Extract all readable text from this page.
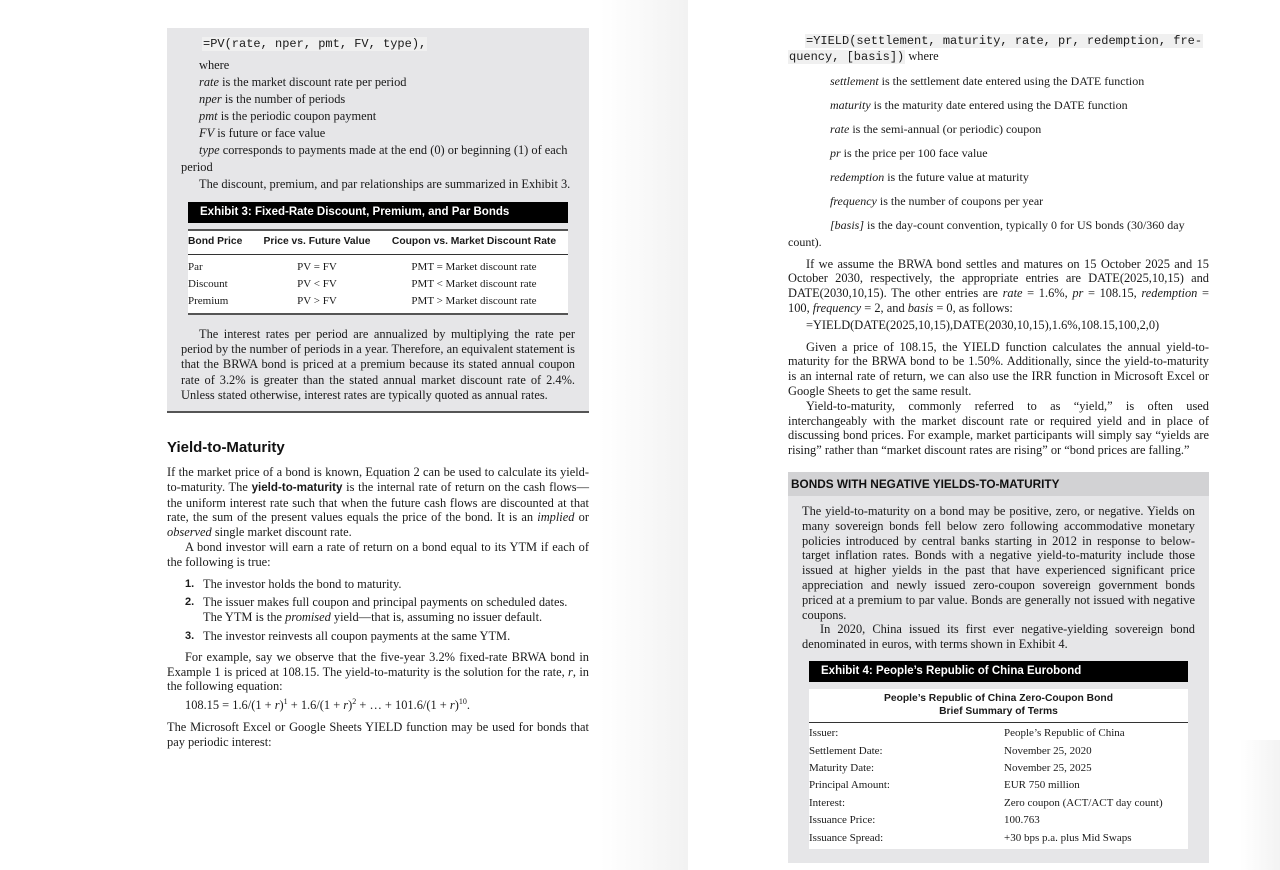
=PV(rate, nper, pmt, FV, type),
where
rate is the market discount rate per period
nper is the number of periods
pmt is the periodic coupon payment
FV is future or face value
type corresponds to payments made at the end (0) or beginning (1) of each
period
The discount, premium, and par relationships are summarized in Exhibit 3.
Exhibit 3: Fixed-Rate Discount, Premium, and Par Bonds
Bond Price	Price vs. Future Value	Coupon vs. Market Discount Rate
Par	PV = FV	PMT = Market discount rate
Discount	PV < FV	PMT < Market discount rate
Premium	PV > FV	PMT > Market discount rate
The interest rates per period are annualized by multiplying the rate per period by the number of periods in a year. Therefore, an equivalent statement is that the BRWA bond is priced at a premium because its stated annual coupon rate of 3.2% is greater than the stated annual market discount rate of 2.4%. Unless stated otherwise, interest rates are typically quoted as annual rates.
Yield-to-Maturity
If the market price of a bond is known, Equation 2 can be used to calculate its yield-to-maturity. The yield-to-maturity is the internal rate of return on the cash flows—the uniform interest rate such that when the future cash flows are discounted at that rate, the sum of the present values equals the price of the bond. It is an implied or observed single market discount rate.
A bond investor will earn a rate of return on a bond equal to its YTM if each of the following is true:
1. The investor holds the bond to maturity.
2. The issuer makes full coupon and principal payments on scheduled dates.
The YTM is the promised yield—that is, assuming no issuer default.
3. The investor reinvests all coupon payments at the same YTM.
For example, say we observe that the five-year 3.2% fixed-rate BRWA bond in Example 1 is priced at 108.15. The yield-to-maturity is the solution for the rate, r, in the following equation:
$108.15 = 1.6/(1 + r)^1 + 1.6/(1 + r)^2$ + … + $101.6/(1 + r)^{10}$.
The Microsoft Excel or Google Sheets YIELD function may be used for bonds that pay periodic interest:
=YIELD(settlement, maturity, rate, pr, redemption, fre-
quency, [basis]) where
settlement is the settlement date entered using the DATE function
maturity is the maturity date entered using the DATE function
rate is the semi-annual (or periodic) coupon
pr is the price per 100 face value
redemption is the future value at maturity
frequency is the number of coupons per year
[basis] is the day-count convention, typically 0 for US bonds (30/360 day
count).
If we assume the BRWA bond settles and matures on 15 October 2025 and 15 October 2030, respectively, the appropriate entries are DATE(2025,10,15) and DATE(2030,10,15). The other entries are rate = 1.6%, pr = 108.15, redemption = 100, frequency = 2, and basis = 0, as follows:
=YIELD(DATE(2025,10,15),DATE(2030,10,15),1.6%,108.15,100,2,0)
Given a price of 108.15, the YIELD function calculates the annual yield-to- maturity for the BRWA bond to be 1.50%. Additionally, since the yield-to-maturity is an internal rate of return, we can also use the IRR function in Microsoft Excel or Google Sheets to get the same result.
Yield-to-maturity, commonly referred to as “yield,” is often used interchangeably with the market discount rate or required yield and in place of discussing bond prices. For example, market participants will simply say “yields are rising” rather than “market discount rates are rising” or “bond prices are falling.”
BONDS WITH NEGATIVE YIELDS-TO-MATURITY
The yield-to-maturity on a bond may be positive, zero, or negative. Yields on many sovereign bonds fell below zero following accommodative monetary policies introduced by central banks starting in 2012 in response to below-target inflation rates. Bonds with a negative yield-to-maturity include those issued at higher yields in the past that have experienced significant price appreciation and newly issued zero-coupon sovereign government bonds priced at a premium to par value. Bonds are generally not issued with negative coupons.
In 2020, China issued its first ever negative-yielding sovereign bond denominated in euros, with terms shown in Exhibit 4.
Exhibit 4: People’s Republic of China Eurobond
People’s Republic of China Zero-Coupon Bond
Brief Summary of Terms
Issuer:	People’s Republic of China
Settlement Date:	November 25, 2020
Maturity Date:	November 25, 2025
Principal Amount:	EUR 750 million
Interest:	Zero coupon (ACT/ACT day count)
Issuance Price:	100.763
Issuance Spread:	+30 bps p.a. plus Mid Swaps
